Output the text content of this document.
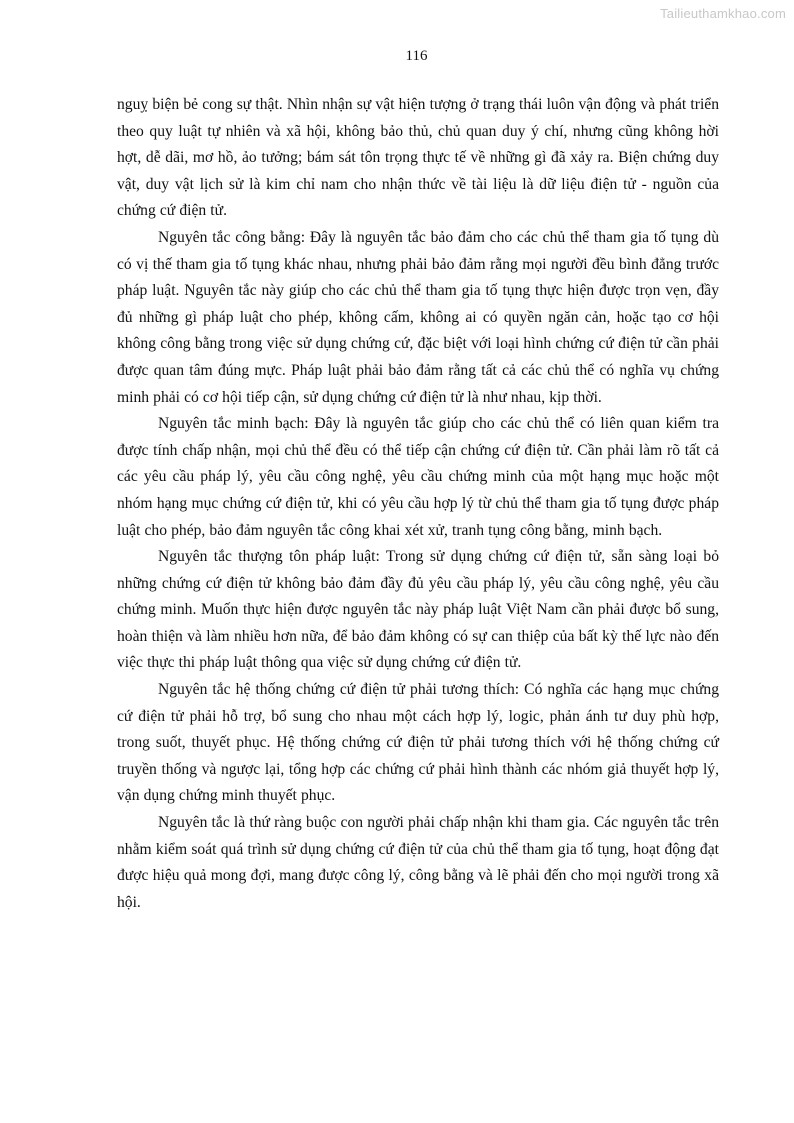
Tailieuthamkhao.com
116

nguỵ biện bẻ cong sự thật. Nhìn nhận sự vật hiện tượng ở trạng thái luôn vận động và phát triển theo quy luật tự nhiên và xã hội, không bảo thủ, chủ quan duy ý chí, nhưng cũng không hời hợt, dễ dãi, mơ hồ, ảo tưởng; bám sát tôn trọng thực tế về những gì đã xảy ra. Biện chứng duy vật, duy vật lịch sử là kim chỉ nam cho nhận thức về tài liệu là dữ liệu điện tử - nguồn của chứng cứ điện tử.

Nguyên tắc công bằng: Đây là nguyên tắc bảo đảm cho các chủ thể tham gia tố tụng dù có vị thế tham gia tố tụng khác nhau, nhưng phải bảo đảm rằng mọi người đều bình đẳng trước pháp luật. Nguyên tắc này giúp cho các chủ thể tham gia tố tụng thực hiện được trọn vẹn, đầy đủ những gì pháp luật cho phép, không cấm, không ai có quyền ngăn cản, hoặc tạo cơ hội không công bằng trong việc sử dụng chứng cứ, đặc biệt với loại hình chứng cứ điện tử cần phải được quan tâm đúng mực. Pháp luật phải bảo đảm rằng tất cả các chủ thể có nghĩa vụ chứng minh phải có cơ hội tiếp cận, sử dụng chứng cứ điện tử là như nhau, kịp thời.

Nguyên tắc minh bạch: Đây là nguyên tắc giúp cho các chủ thể có liên quan kiểm tra được tính chấp nhận, mọi chủ thể đều có thể tiếp cận chứng cứ điện tử. Cần phải làm rõ tất cả các yêu cầu pháp lý, yêu cầu công nghệ, yêu cầu chứng minh của một hạng mục hoặc một nhóm hạng mục chứng cứ điện tử, khi có yêu cầu hợp lý từ chủ thể tham gia tố tụng được pháp luật cho phép, bảo đảm nguyên tắc công khai xét xử, tranh tụng công bằng, minh bạch.

Nguyên tắc thượng tôn pháp luật: Trong sử dụng chứng cứ điện tử, sẵn sàng loại bỏ những chứng cứ điện tử không bảo đảm đầy đủ yêu cầu pháp lý, yêu cầu công nghệ, yêu cầu chứng minh. Muốn thực hiện được nguyên tắc này pháp luật Việt Nam cần phải được bổ sung, hoàn thiện và làm nhiều hơn nữa, để bảo đảm không có sự can thiệp của bất kỳ thế lực nào đến việc thực thi pháp luật thông qua việc sử dụng chứng cứ điện tử.

Nguyên tắc hệ thống chứng cứ điện tử phải tương thích: Có nghĩa các hạng mục chứng cứ điện tử phải hỗ trợ, bổ sung cho nhau một cách hợp lý, logic, phản ánh tư duy phù hợp, trong suốt, thuyết phục. Hệ thống chứng cứ điện tử phải tương thích với hệ thống chứng cứ truyền thống và ngược lại, tổng hợp các chứng cứ phải hình thành các nhóm giả thuyết hợp lý, vận dụng chứng minh thuyết phục.

Nguyên tắc là thứ ràng buộc con người phải chấp nhận khi tham gia. Các nguyên tắc trên nhằm kiểm soát quá trình sử dụng chứng cứ điện tử của chủ thể tham gia tố tụng, hoạt động đạt được hiệu quả mong đợi, mang được công lý, công bằng và lẽ phải đến cho mọi người trong xã hội.
